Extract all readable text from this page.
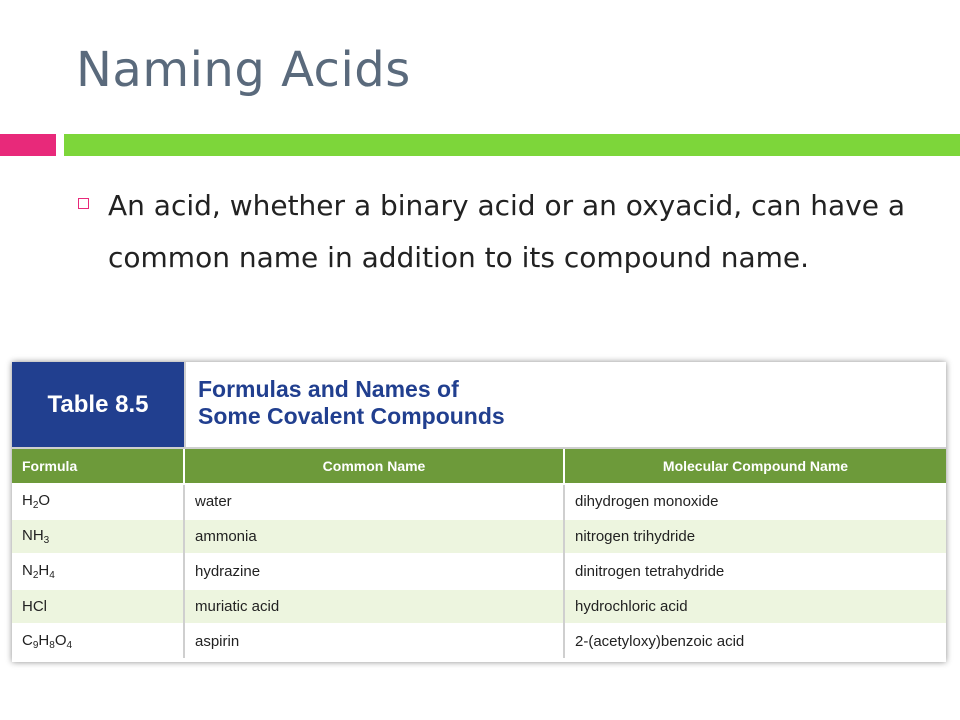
Naming Acids
An acid, whether a binary acid or an oxyacid, can have a common name in addition to its compound name.
Table 8.5
Formulas and Names of
Some Covalent Compounds
Formula	Common Name	Molecular Compound Name
$H_2O$	water	dihydrogen monoxide
$NH_3$	ammonia	nitrogen trihydride
$N_2H_4$	hydrazine	dinitrogen tetrahydride
HCl	muriatic acid	hydrochloric acid
$C_9H_8O_4$	aspirin	2-(acetyloxy)benzoic acid
